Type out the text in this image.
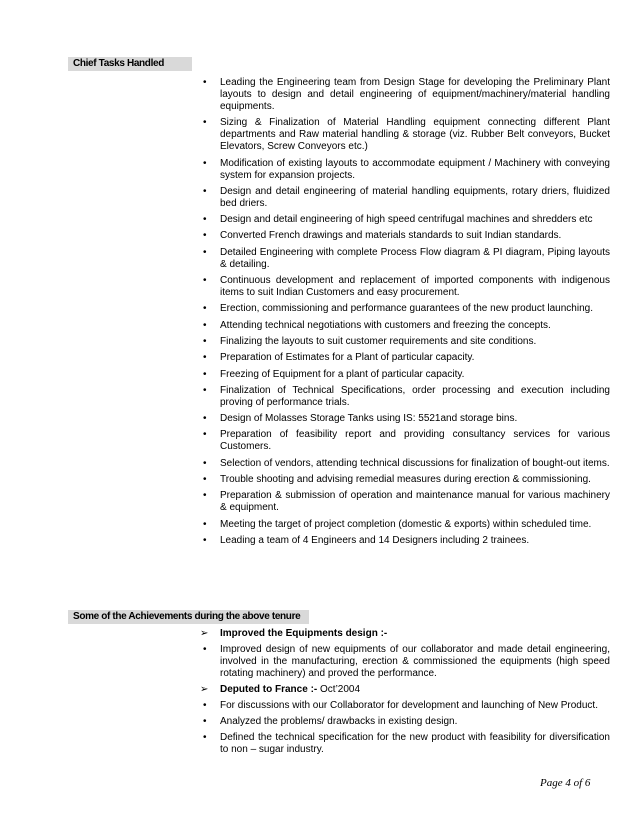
Chief Tasks Handled
•	Leading the Engineering team from Design Stage for developing the Preliminary Plant layouts to design and detail engineering of equipment/machinery/material handling equipments.
•	Sizing & Finalization of Material Handling equipment connecting different Plant departments and Raw material handling & storage (viz. Rubber Belt conveyors, Bucket Elevators, Screw Conveyors etc.)
•	Modification of existing layouts to accommodate equipment / Machinery with conveying system for expansion projects.
•	Design and detail engineering of material handling equipments, rotary driers, fluidized bed driers.
•	Design and detail engineering of high speed centrifugal machines and shredders etc
•	Converted French drawings and materials standards to suit Indian standards.
•	Detailed Engineering with complete Process Flow diagram & PI diagram, Piping layouts & detailing.
•	Continuous development and replacement of imported components with indigenous items to suit Indian Customers and easy procurement.
•	Erection, commissioning and performance guarantees of the new product launching.
•	Attending technical negotiations with customers and freezing the concepts.
•	Finalizing the layouts to suit customer requirements and site conditions.
•	Preparation of Estimates for a Plant of particular capacity.
•	Freezing of Equipment for a plant of particular capacity.
•	Finalization of Technical Specifications, order processing and execution including proving of performance trials.
•	Design of Molasses Storage Tanks using IS: 5521and storage bins.
•	Preparation of feasibility report and providing consultancy services for various Customers.
•	Selection of vendors, attending technical discussions for finalization of bought-out items.
•	Trouble shooting and advising remedial measures during erection & commissioning.
•	Preparation & submission of operation and maintenance manual for various machinery & equipment.
•	Meeting the target of project completion (domestic & exports) within scheduled time.
•	Leading a team of 4 Engineers and 14 Designers including 2 trainees.
Some of the Achievements during the above tenure
➢	Improved the Equipments design :-
•	Improved design of new equipments of our collaborator and made detail engineering, involved in the manufacturing, erection & commissioned the equipments (high speed rotating machinery) and proved the performance.
➢	Deputed to France :- Oct’2004
•	For discussions with our Collaborator for development and launching of New Product.
•	Analyzed the problems/ drawbacks in existing design.
•	Defined the technical specification for the new product with feasibility for diversification to non – sugar industry.
Page 4 of 6
